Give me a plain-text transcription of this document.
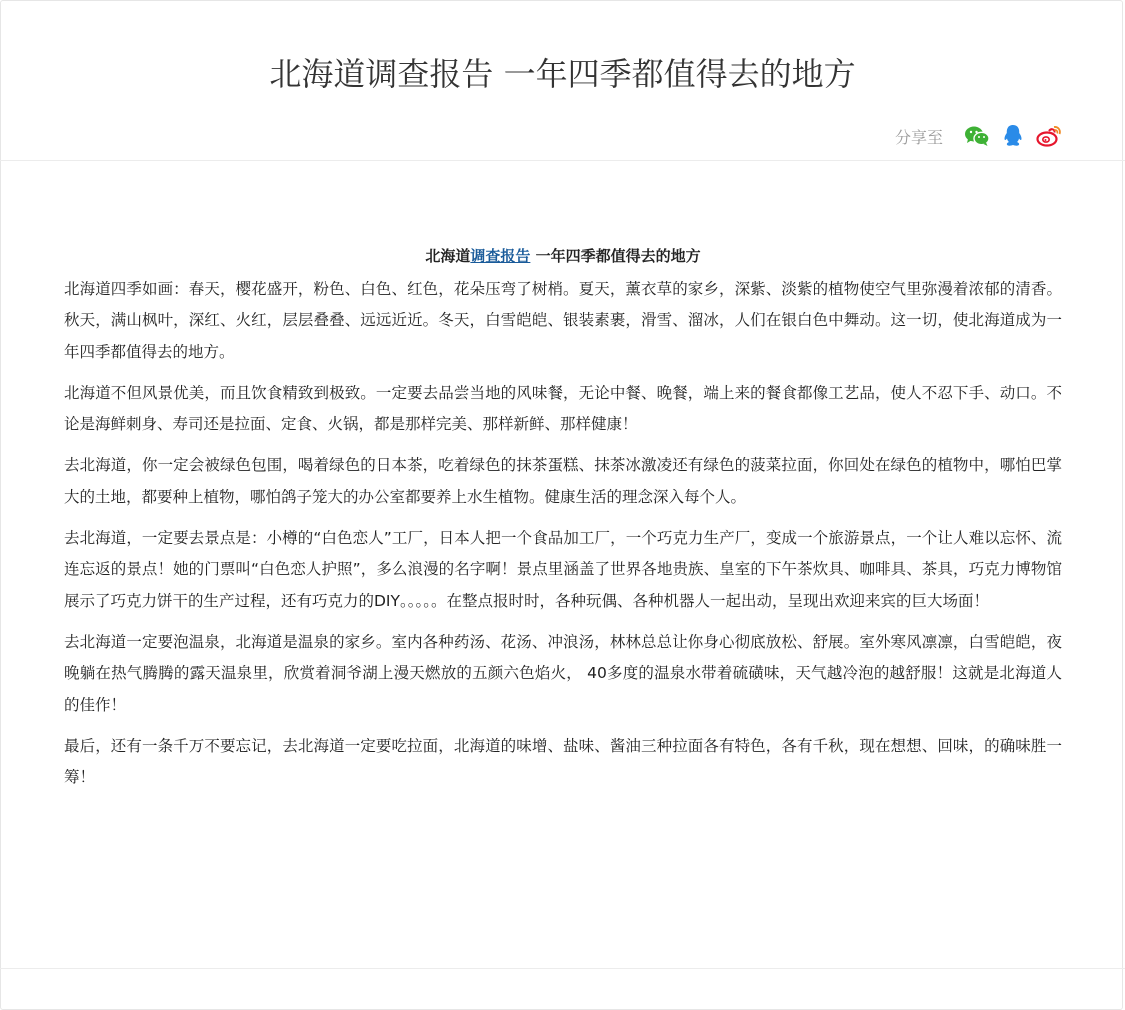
北海道调查报告 一年四季都值得去的地方
分享至
北海道调查报告 一年四季都值得去的地方

北海道四季如画：春天，樱花盛开，粉色、白色、红色，花朵压弯了树梢。夏天，薰衣草的家乡，深紫、淡紫的植物使空气里弥漫着浓郁的清香。秋天，满山枫叶，深红、火红，层层叠叠、远远近近。冬天，白雪皑皑、银装素裹，滑雪、溜冰，人们在银白色中舞动。这一切，使北海道成为一年四季都值得去的地方。

北海道不但风景优美，而且饮食精致到极致。一定要去品尝当地的风味餐，无论中餐、晚餐，端上来的餐食都像工艺品，使人不忍下手、动口。不论是海鲜刺身、寿司还是拉面、定食、火锅，都是那样完美、那样新鲜、那样健康！

去北海道，你一定会被绿色包围，喝着绿色的日本茶，吃着绿色的抹茶蛋糕、抹茶冰激凌还有绿色的菠菜拉面，你回处在绿色的植物中，哪怕巴掌大的土地，都要种上植物，哪怕鸽子笼大的办公室都要养上水生植物。健康生活的理念深入每个人。

去北海道，一定要去景点是：小樽的“白色恋人”工厂，日本人把一个食品加工厂，一个巧克力生产厂，变成一个旅游景点，一个让人难以忘怀、流连忘返的景点！她的门票叫“白色恋人护照”，多么浪漫的名字啊！景点里涵盖了世界各地贵族、皇室的下午茶炊具、咖啡具、茶具，巧克力博物馆展示了巧克力饼干的生产过程，还有巧克力的DIY。。。。。在整点报时时，各种玩偶、各种机器人一起出动，呈现出欢迎来宾的巨大场面！

去北海道一定要泡温泉，北海道是温泉的家乡。室内各种药汤、花汤、冲浪汤，林林总总让你身心彻底放松、舒展。室外寒风凛凛，白雪皑皑，夜晚躺在热气腾腾的露天温泉里，欣赏着洞爷湖上漫天燃放的五颜六色焰火， 40多度的温泉水带着硫磺味，天气越冷泡的越舒服！这就是北海道人的佳作！

最后，还有一条千万不要忘记，去北海道一定要吃拉面，北海道的味增、盐味、酱油三种拉面各有特色，各有千秋，现在想想、回味，的确味胜一筹！
